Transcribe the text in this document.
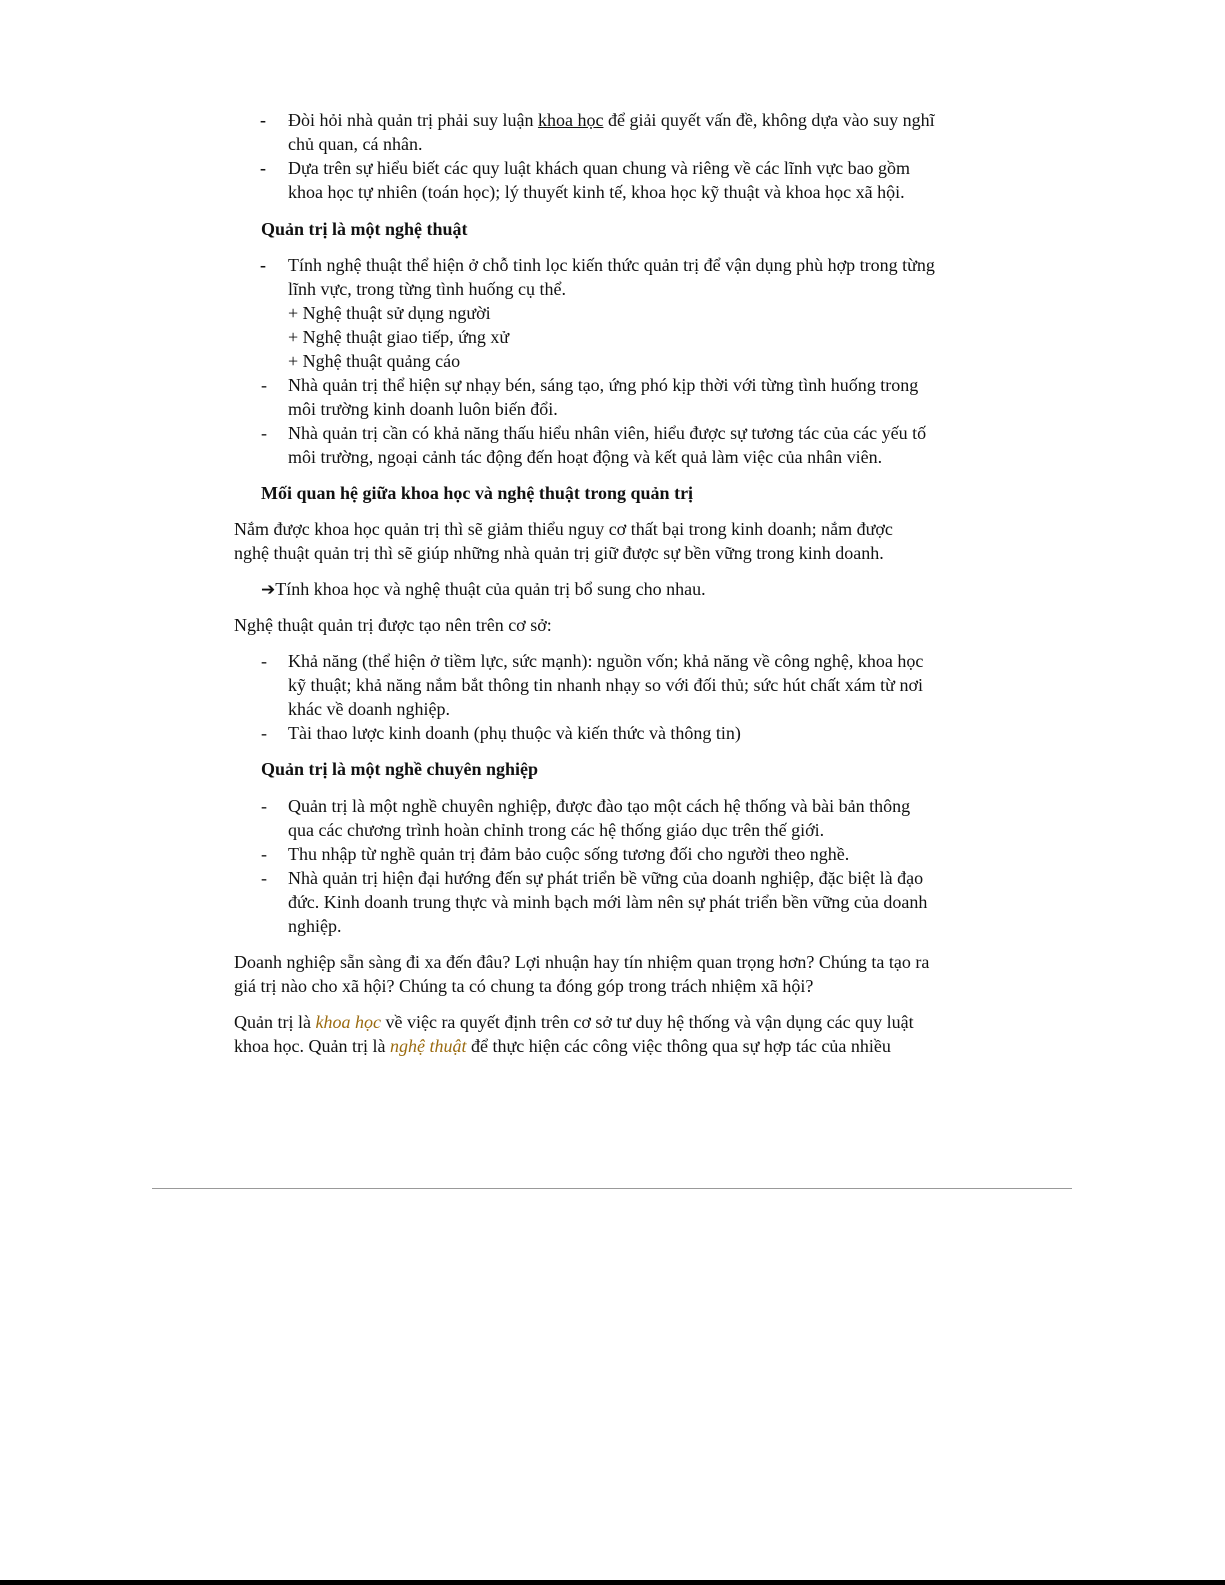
- Đòi hỏi nhà quản trị phải suy luận khoa học để giải quyết vấn đề, không dựa vào suy nghĩ
chủ quan, cá nhân.
- Dựa trên sự hiểu biết các quy luật khách quan chung và riêng về các lĩnh vực bao gồm
khoa học tự nhiên (toán học); lý thuyết kinh tế, khoa học kỹ thuật và khoa học xã hội.
Quản trị là một nghệ thuật
- Tính nghệ thuật thể hiện ở chỗ tinh lọc kiến thức quản trị để vận dụng phù hợp trong từng
lĩnh vực, trong từng tình huống cụ thể.
+ Nghệ thuật sử dụng người
+ Nghệ thuật giao tiếp, ứng xử
+ Nghệ thuật quảng cáo
- Nhà quản trị thể hiện sự nhạy bén, sáng tạo, ứng phó kịp thời với từng tình huống trong
môi trường kinh doanh luôn biến đổi.
- Nhà quản trị cần có khả năng thấu hiểu nhân viên, hiểu được sự tương tác của các yếu tố
môi trường, ngoại cảnh tác động đến hoạt động và kết quả làm việc của nhân viên.
Mối quan hệ giữa khoa học và nghệ thuật trong quản trị
Nắm được khoa học quản trị thì sẽ giảm thiểu nguy cơ thất bại trong kinh doanh; nắm được
nghệ thuật quản trị thì sẽ giúp những nhà quản trị giữ được sự bền vững trong kinh doanh.
➔Tính khoa học và nghệ thuật của quản trị bổ sung cho nhau.
Nghệ thuật quản trị được tạo nên trên cơ sở:
- Khả năng (thể hiện ở tiềm lực, sức mạnh): nguồn vốn; khả năng về công nghệ, khoa học
kỹ thuật; khả năng nắm bắt thông tin nhanh nhạy so với đối thủ; sức hút chất xám từ nơi
khác về doanh nghiệp.
- Tài thao lược kinh doanh (phụ thuộc và kiến thức và thông tin)
Quản trị là một nghề chuyên nghiệp
- Quản trị là một nghề chuyên nghiệp, được đào tạo một cách hệ thống và bài bản thông
qua các chương trình hoàn chỉnh trong các hệ thống giáo dục trên thế giới.
- Thu nhập từ nghề quản trị đảm bảo cuộc sống tương đối cho người theo nghề.
- Nhà quản trị hiện đại hướng đến sự phát triển bề vững của doanh nghiệp, đặc biệt là đạo
đức. Kinh doanh trung thực và minh bạch mới làm nên sự phát triển bền vững của doanh
nghiệp.
Doanh nghiệp sẵn sàng đi xa đến đâu? Lợi nhuận hay tín nhiệm quan trọng hơn? Chúng ta tạo ra
giá trị nào cho xã hội? Chúng ta có chung ta đóng góp trong trách nhiệm xã hội?
Quản trị là khoa học về việc ra quyết định trên cơ sở tư duy hệ thống và vận dụng các quy luật
khoa học. Quản trị là nghệ thuật để thực hiện các công việc thông qua sự hợp tác của nhiều
